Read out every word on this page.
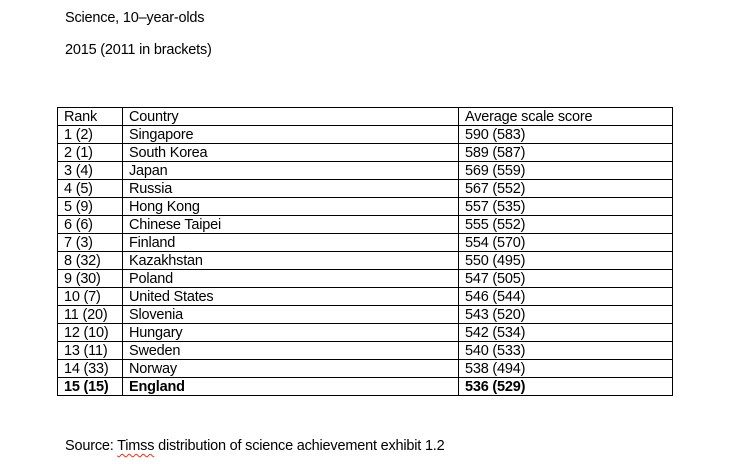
Science, 10–year-olds
2015 (2011 in brackets)
Rank	Country	Average scale score
1 (2)	Singapore	590 (583)
2 (1)	South Korea	589 (587)
3 (4)	Japan	569 (559)
4 (5)	Russia	567 (552)
5 (9)	Hong Kong	557 (535)
6 (6)	Chinese Taipei	555 (552)
7 (3)	Finland	554 (570)
8 (32)	Kazakhstan	550 (495)
9 (30)	Poland	547 (505)
10 (7)	United States	546 (544)
11 (20)	Slovenia	543 (520)
12 (10)	Hungary	542 (534)
13 (11)	Sweden	540 (533)
14 (33)	Norway	538 (494)
15 (15)	England	536 (529)
Source: Timss distribution of science achievement exhibit 1.2
